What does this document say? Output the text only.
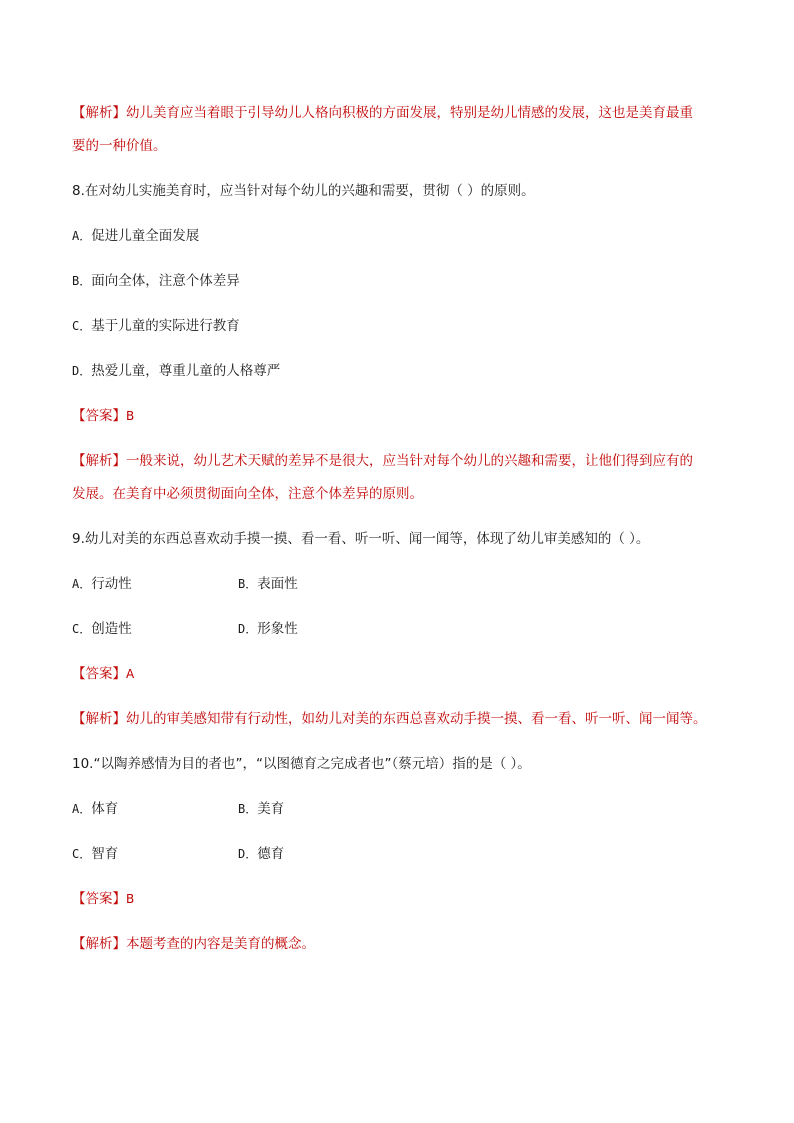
【解析】幼儿美育应当着眼于引导幼儿人格向积极的方面发展，特别是幼儿情感的发展，这也是美育最重
要的一种价值。
8.在对幼儿实施美育时，应当针对每个幼儿的兴趣和需要，贯彻（ ）的原则。
A．促进儿童全面发展
B．面向全体，注意个体差异
C．基于儿童的实际进行教育
D．热爱儿童，尊重儿童的人格尊严
【答案】B
【解析】一般来说，幼儿艺术天赋的差异不是很大，应当针对每个幼儿的兴趣和需要，让他们得到应有的
发展。在美育中必须贯彻面向全体，注意个体差异的原则。
9.幼儿对美的东西总喜欢动手摸一摸、看一看、听一听、闻一闻等，体现了幼儿审美感知的（ ）。
A．行动性	B．表面性
C．创造性	D．形象性
【答案】A
【解析】幼儿的审美感知带有行动性，如幼儿对美的东西总喜欢动手摸一摸、看一看、听一听、闻一闻等。
10.“以陶养感情为目的者也”，“以图德育之完成者也”（蔡元培）指的是（ ）。
A．体育	B．美育
C．智育	D．德育
【答案】B
【解析】本题考查的内容是美育的概念。
